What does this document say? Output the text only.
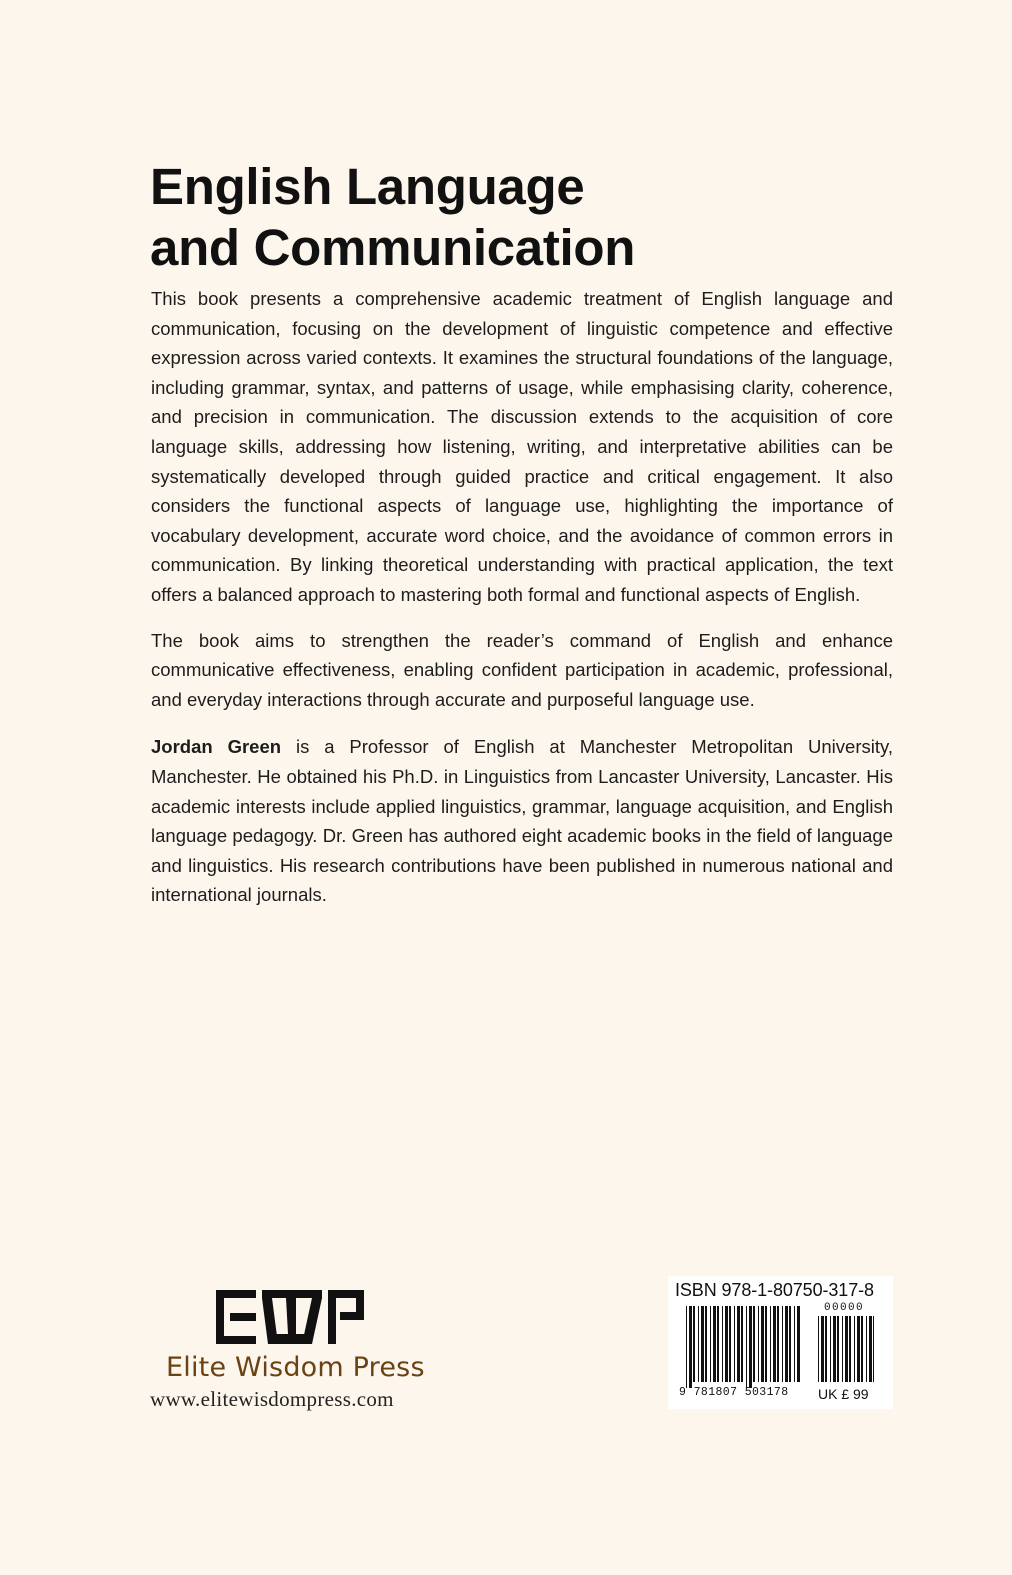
English Language
and Communication

This book presents a comprehensive academic treatment of English language and communication, focusing on the development of linguistic competence and effective expression across varied contexts. It examines the structural foundations of the language, including grammar, syntax, and patterns of usage, while emphasising clarity, coherence, and precision in communication. The discussion extends to the acquisition of core language skills, addressing how listening, writing, and interpretative abilities can be systematically developed through guided practice and critical engagement. It also considers the functional aspects of language use, highlighting the importance of vocabulary development, accurate word choice, and the avoidance of common errors in communication. By linking theoretical understanding with practical application, the text offers a balanced approach to mastering both formal and functional aspects of English.

The book aims to strengthen the reader’s command of English and enhance communicative effectiveness, enabling confident participation in academic, professional, and everyday interactions through accurate and purposeful language use.

Jordan Green is a Professor of English at Manchester Metropolitan University, Manchester. He obtained his Ph.D. in Linguistics from Lancaster University, Lancaster. His academic interests include applied linguistics, grammar, language acquisition, and English language pedagogy. Dr. Green has authored eight academic books in the field of language and linguistics. His research contributions have been published in numerous national and international journals.

Elite Wisdom Press
www.elitewisdompress.com
ISBN 978-1-80750-317-8
00000
9 781807 503178 UK £ 99
